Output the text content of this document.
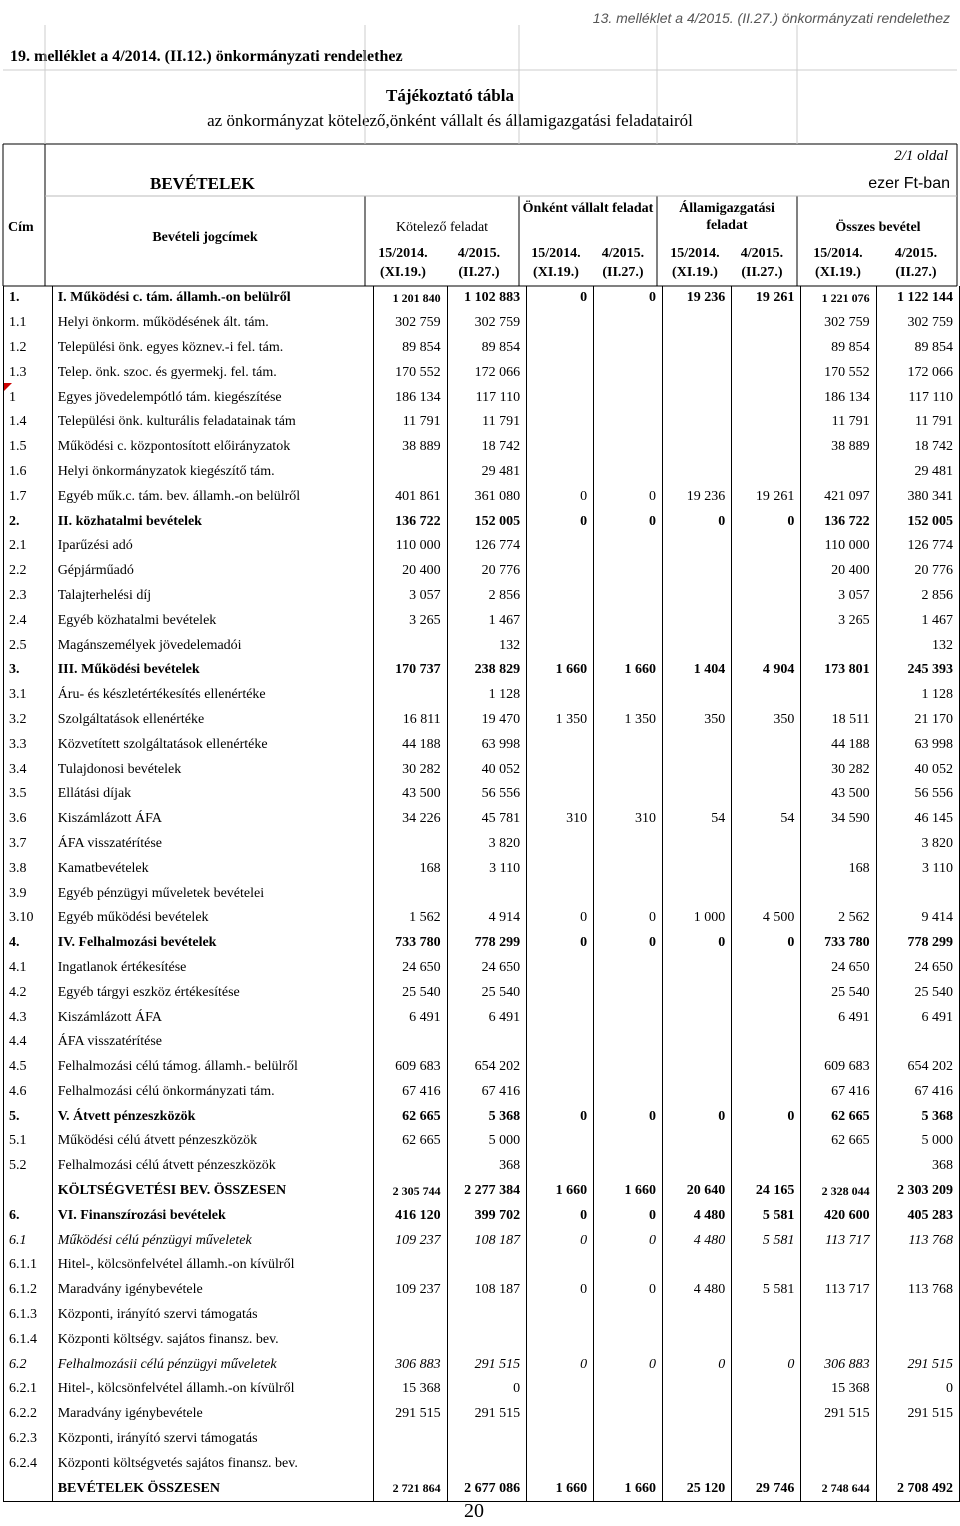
13. melléklet a 4/2015. (II.27.) önkormányzati rendelethez
19. melléklet a 4/2014. (II.12.) önkormányzati rendelethez
Tájékoztató tábla
az önkormányzat kötelező,önként vállalt és államigazgatási feladatairól
2/1 oldal
BEVÉTELEK	ezer Ft-ban
Cím
Bevételi jogcímek
Kötelező feladat
Önként vállalt feladat	Államigazgatási feladat	Összes bevétel
15/2014. (XI.19.)
4/2015. (II.27.)
15/2014. (XI.19.)
4/2015. (II.27.)
15/2014. (XI.19.)
4/2015. (II.27.)
15/2014. (XI.19.)
4/2015. (II.27.)
1.	I. Működési c. tám. államh.-on belülről	1 201 840	1 102 883	0	0	19 236	19 261	1 221 076	1 122 144
1.1	Helyi önkorm. működésének ált. tám.	302 759	302 759					302 759	302 759
1.2	Települési önk. egyes köznev.-i fel. tám.	89 854	89 854					89 854	89 854
1.3	Telep. önk. szoc. és gyermekj. fel. tám.	170 552	172 066					170 552	172 066
1	Egyes jövedelempótló tám. kiegészítése	186 134	117 110					186 134	117 110
1.4	Települési önk. kulturális feladatainak tám	11 791	11 791					11 791	11 791
1.5	Működési c. központosított előirányzatok	38 889	18 742					38 889	18 742
1.6	Helyi önkormányzatok kiegészítő tám.		29 481						29 481
1.7	Egyéb műk.c. tám. bev. államh.-on belülről	401 861	361 080	0	0	19 236	19 261	421 097	380 341
2.	II. közhatalmi bevételek	136 722	152 005	0	0	0	0	136 722	152 005
2.1	Iparűzési adó	110 000	126 774					110 000	126 774
2.2	Gépjárműadó	20 400	20 776					20 400	20 776
2.3	Talajterhelési díj	3 057	2 856					3 057	2 856
2.4	Egyéb közhatalmi bevételek	3 265	1 467					3 265	1 467
2.5	Magánszemélyek jövedelemadói		132						132
3.	III. Működési bevételek	170 737	238 829	1 660	1 660	1 404	4 904	173 801	245 393
3.1	Áru- és készletértékesítés ellenértéke		1 128						1 128
3.2	Szolgáltatások ellenértéke	16 811	19 470	1 350	1 350	350	350	18 511	21 170
3.3	Közvetített szolgáltatások ellenértéke	44 188	63 998					44 188	63 998
3.4	Tulajdonosi bevételek	30 282	40 052					30 282	40 052
3.5	Ellátási díjak	43 500	56 556					43 500	56 556
3.6	Kiszámlázott ÁFA	34 226	45 781	310	310	54	54	34 590	46 145
3.7	ÁFA visszatérítése		3 820						3 820
3.8	Kamatbevételek	168	3 110					168	3 110
3.9	Egyéb pénzügyi műveletek bevételei								
3.10	Egyéb működési bevételek	1 562	4 914	0	0	1 000	4 500	2 562	9 414
4.	IV. Felhalmozási bevételek	733 780	778 299	0	0	0	0	733 780	778 299
4.1	Ingatlanok értékesítése	24 650	24 650					24 650	24 650
4.2	Egyéb tárgyi eszköz értékesítése	25 540	25 540					25 540	25 540
4.3	Kiszámlázott ÁFA	6 491	6 491					6 491	6 491
4.4	ÁFA visszatérítése								
4.5	Felhalmozási célú támog. államh.- belülről	609 683	654 202					609 683	654 202
4.6	Felhalmozási célú önkormányzati tám.	67 416	67 416					67 416	67 416
5.	V. Átvett pénzeszközök	62 665	5 368	0	0	0	0	62 665	5 368
5.1	Működési célú átvett pénzeszközök	62 665	5 000					62 665	5 000
5.2	Felhalmozási célú átvett pénzeszközök		368						368
	KÖLTSÉGVETÉSI BEV. ÖSSZESEN	2 305 744	2 277 384	1 660	1 660	20 640	24 165	2 328 044	2 303 209
6.	VI. Finanszírozási bevételek	416 120	399 702	0	0	4 480	5 581	420 600	405 283
6.1	Működési célú pénzügyi műveletek	109 237	108 187	0	0	4 480	5 581	113 717	113 768
6.1.1	Hitel-, kölcsönfelvétel államh.-on kívülről								
6.1.2	Maradvány igénybevétele	109 237	108 187	0	0	4 480	5 581	113 717	113 768
6.1.3	Központi, irányító szervi támogatás								
6.1.4	Központi költségv. sajátos finansz. bev.								
6.2	Felhalmozásii célú pénzügyi műveletek	306 883	291 515	0	0	0	0	306 883	291 515
6.2.1	Hitel-, kölcsönfelvétel államh.-on kívülről	15 368	0					15 368	0
6.2.2	Maradvány igénybevétele	291 515	291 515					291 515	291 515
6.2.3	Központi, irányító szervi támogatás								
6.2.4	Központi költségvetés sajátos finansz. bev.								
	BEVÉTELEK ÖSSZESEN	2 721 864	2 677 086	1 660	1 660	25 120	29 746	2 748 644	2 708 492
20
